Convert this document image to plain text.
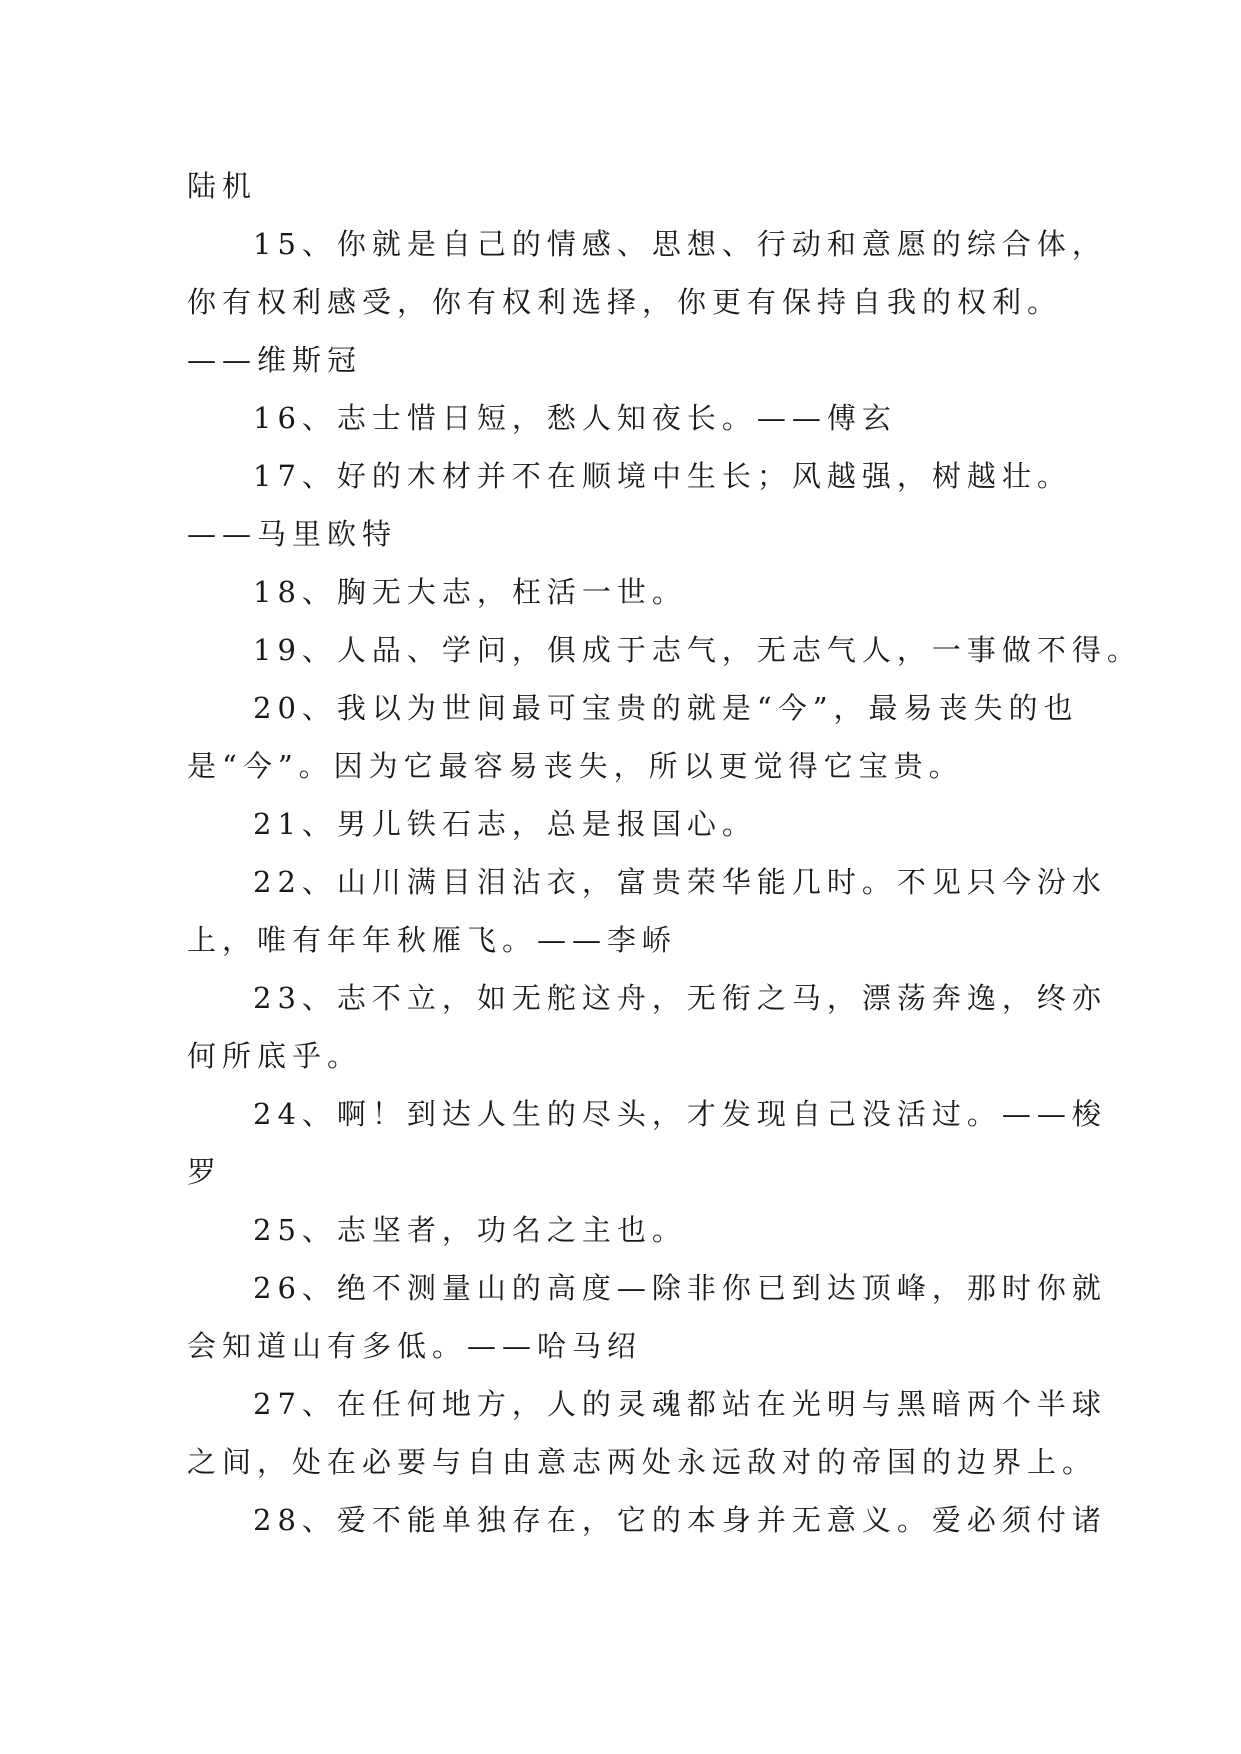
陆机
15、你就是自己的情感、思想、行动和意愿的综合体，
你有权利感受，你有权利选择，你更有保持自我的权利。
——维斯冠
16、志士惜日短，愁人知夜长。——傅玄
17、好的木材并不在顺境中生长；风越强，树越壮。
——马里欧特
18、胸无大志，枉活一世。
19、人品、学问，俱成于志气，无志气人，一事做不得。
20、我以为世间最可宝贵的就是“今”，最易丧失的也
是“今”。因为它最容易丧失，所以更觉得它宝贵。
21、男儿铁石志，总是报国心。
22、山川满目泪沾衣，富贵荣华能几时。不见只今汾水
上，唯有年年秋雁飞。——李峤
23、志不立，如无舵这舟，无衔之马，漂荡奔逸，终亦
何所底乎。
24、啊！到达人生的尽头，才发现自己没活过。——梭
罗
25、志坚者，功名之主也。
26、绝不测量山的高度—除非你已到达顶峰，那时你就
会知道山有多低。——哈马绍
27、在任何地方，人的灵魂都站在光明与黑暗两个半球
之间，处在必要与自由意志两处永远敌对的帝国的边界上。
28、爱不能单独存在，它的本身并无意义。爱必须付诸
